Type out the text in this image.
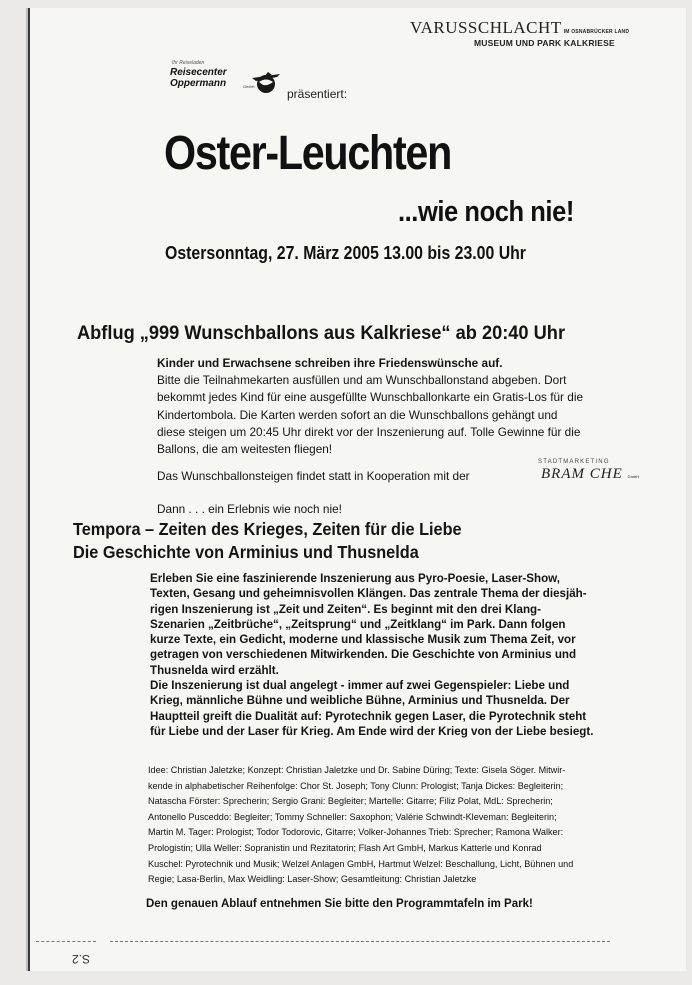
VARUSSCHLACHT IM OSNABRÜCKER LAND
MUSEUM UND PARK KALKRIESE
Ihr Reiseladen
Reisecenter
Oppermann	GmbH
präsentiert:
Oster-Leuchten
...wie noch nie!
Ostersonntag, 27. März 2005 13.00 bis 23.00 Uhr
Abflug „999 Wunschballons aus Kalkriese“ ab 20:40 Uhr
Kinder und Erwachsene schreiben ihre Friedenswünsche auf.
Bitte die Teilnahmekarten ausfüllen und am Wunschballonstand abgeben. Dort
bekommt jedes Kind für eine ausgefüllte Wunschballonkarte ein Gratis-Los für die
Kindertombola. Die Karten werden sofort an die Wunschballons gehängt und
diese steigen um 20:45 Uhr direkt vor der Inszenierung auf. Tolle Gewinne für die
Ballons, die am weitesten fliegen!
Das Wunschballonsteigen findet statt in Kooperation mit der
STADTMARKETING
BRAM CHE GmbH
Dann . . . ein Erlebnis wie noch nie!
Tempora – Zeiten des Krieges, Zeiten für die Liebe
Die Geschichte von Arminius und Thusnelda
Erleben Sie eine faszinierende Inszenierung aus Pyro-Poesie, Laser-Show,
Texten, Gesang und geheimnisvollen Klängen. Das zentrale Thema der diesjäh-
rigen Inszenierung ist „Zeit und Zeiten“. Es beginnt mit den drei Klang-
Szenarien „Zeitbrüche“, „Zeitsprung“ und „Zeitklang“ im Park. Dann folgen
kurze Texte, ein Gedicht, moderne und klassische Musik zum Thema Zeit, vor
getragen von verschiedenen Mitwirkenden. Die Geschichte von Arminius und
Thusnelda wird erzählt.
Die Inszenierung ist dual angelegt - immer auf zwei Gegenspieler: Liebe und
Krieg, männliche Bühne und weibliche Bühne, Arminius und Thusnelda. Der
Hauptteil greift die Dualität auf: Pyrotechnik gegen Laser, die Pyrotechnik steht
für Liebe und der Laser für Krieg. Am Ende wird der Krieg von der Liebe besiegt.
Idee: Christian Jaletzke; Konzept: Christian Jaletzke und Dr. Sabine Düring; Texte: Gisela Söger. Mitwir-
kende in alphabetischer Reihenfolge: Chor St. Joseph; Tony Clunn: Prologist; Tanja Dickes: Begleiterin;
Natascha Förster: Sprecherin; Sergio Grani: Begleiter; Martelle: Gitarre; Filiz Polat, MdL: Sprecherin;
Antonello Pusceddo: Begleiter; Tommy Schneller: Saxophon; Valérie Schwindt-Kleveman: Begleiterin;
Martin M. Tager: Prologist; Todor Todorovic, Gitarre; Volker-Johannes Trieb: Sprecher; Ramona Walker:
Prologistin; Ulla Weller: Sopranistin und Rezitatorin; Flash Art GmbH, Markus Katterle und Konrad
Kuschel: Pyrotechnik und Musik; Welzel Anlagen GmbH, Hartmut Welzel: Beschallung, Licht, Bühnen und
Regie; Lasa-Berlin, Max Weidling: Laser-Show; Gesamtleitung: Christian Jaletzke
Den genauen Ablauf entnehmen Sie bitte den Programmtafeln im Park!
S.2
